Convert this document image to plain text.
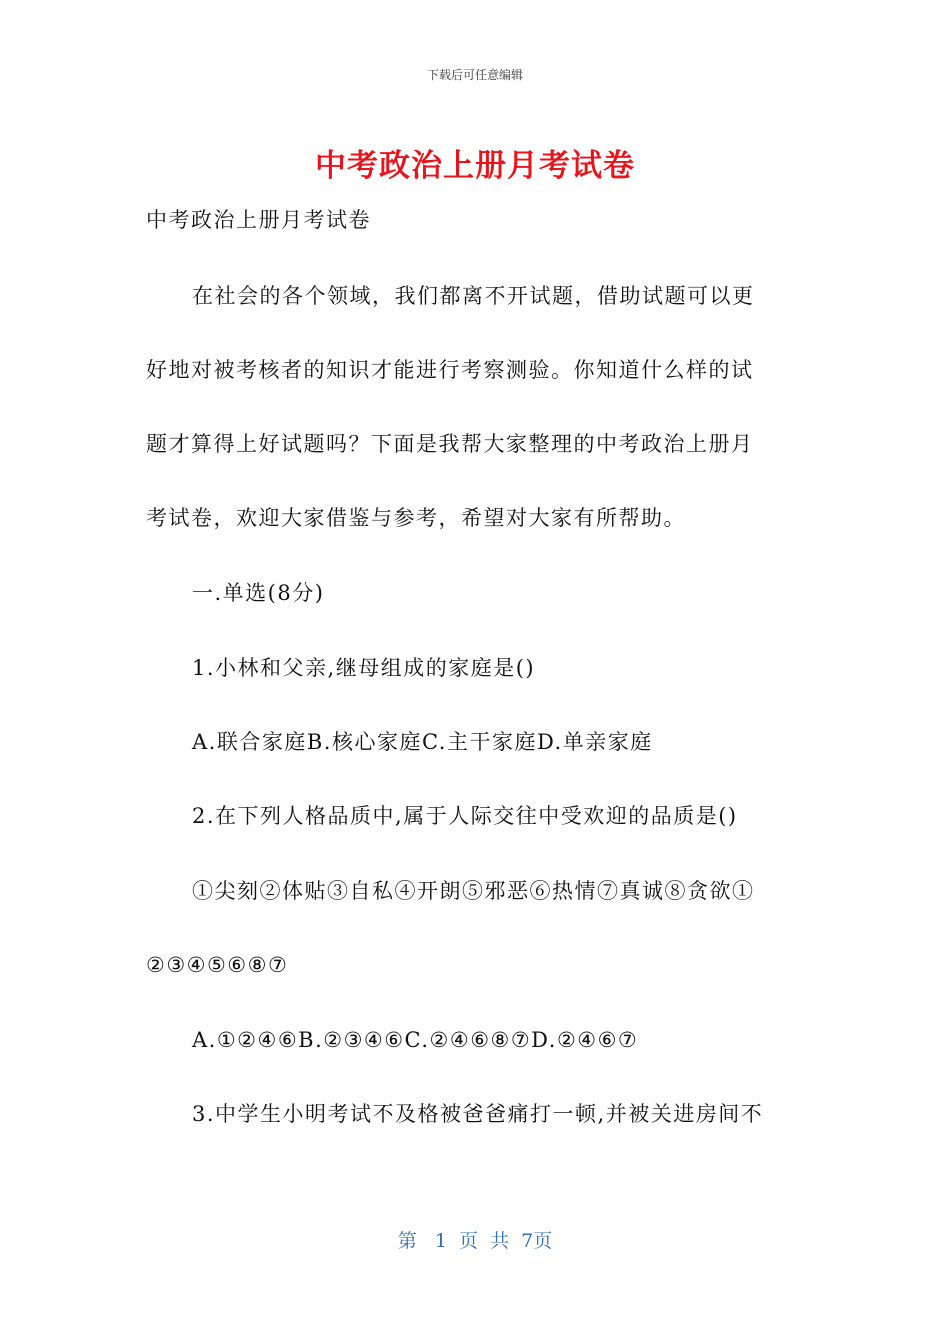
下载后可任意编辑
中考政治上册月考试卷
中考政治上册月考试卷
在社会的各个领域，我们都离不开试题，借助试题可以更
好地对被考核者的知识才能进行考察测验。你知道什么样的试
题才算得上好试题吗？下面是我帮大家整理的中考政治上册月
考试卷，欢迎大家借鉴与参考，希望对大家有所帮助。
一.单选(8分)
1.小林和父亲,继母组成的家庭是()
A.联合家庭B.核心家庭C.主干家庭D.单亲家庭
2.在下列人格品质中,属于人际交往中受欢迎的品质是()
①尖刻②体贴③自私④开朗⑤邪恶⑥热情⑦真诚⑧贪欲①
②③④⑤⑥⑧⑦
A.①②④⑥B.②③④⑥C.②④⑥⑧⑦D.②④⑥⑦
3.中学生小明考试不及格被爸爸痛打一顿,并被关进房间不
第   1  页  共  7页
